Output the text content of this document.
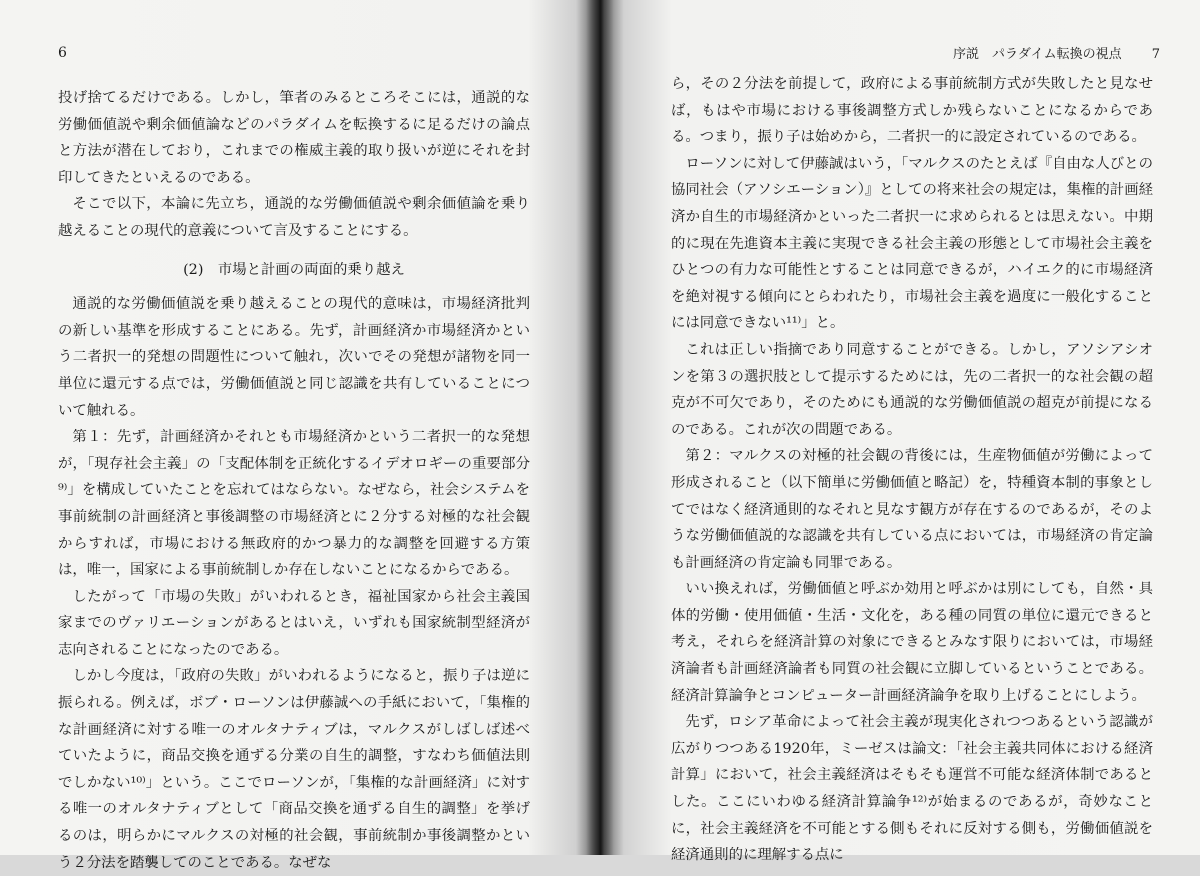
6

投げ捨てるだけである。しかし，筆者のみるところそこには，通説的な労働価値説や剰余価値論などのパラダイムを転換するに足るだけの論点と方法が潜在しており，これまでの権威主義的取り扱いが逆にそれを封印してきたといえるのである。

そこで以下，本論に先立ち，通説的な労働価値説や剰余価値論を乗り越えることの現代的意義について言及することにする。

(2)　市場と計画の両面的乗り越え

通説的な労働価値説を乗り越えることの現代的意味は，市場経済批判の新しい基準を形成することにある。先ず，計画経済か市場経済かという二者択一的発想の問題性について触れ，次いでその発想が諸物を同一単位に還元する点では，労働価値説と同じ認識を共有していることについて触れる。

第１：先ず，計画経済かそれとも市場経済かという二者択一的な発想が，「現存社会主義」の「支配体制を正統化するイデオロギーの重要部分⁹⁾」を構成していたことを忘れてはならない。なぜなら，社会システムを事前統制の計画経済と事後調整の市場経済とに２分する対極的な社会観からすれば，市場における無政府的かつ暴力的な調整を回避する方策は，唯一，国家による事前統制しか存在しないことになるからである。

したがって「市場の失敗」がいわれるとき，福祉国家から社会主義国家までのヴァリエーションがあるとはいえ，いずれも国家統制型経済が志向されることになったのである。

しかし今度は，「政府の失敗」がいわれるようになると，振り子は逆に振られる。例えば，ボブ・ローソンは伊藤誠への手紙において，「集権的な計画経済に対する唯一のオルタナティブは，マルクスがしばしば述べていたように，商品交換を通ずる分業の自生的調整，すなわち価値法則でしかない¹⁰⁾」という。ここでローソンが，「集権的な計画経済」に対する唯一のオルタナティブとして「商品交換を通ずる自生的調整」を挙げるのは，明らかにマルクスの対極的社会観，事前統制か事後調整かという２分法を踏襲してのことである。なぜな

序説　パラダイム転換の視点 7

ら，その２分法を前提して，政府による事前統制方式が失敗したと見なせば，もはや市場における事後調整方式しか残らないことになるからである。つまり，振り子は始めから，二者択一的に設定されているのである。

ローソンに対して伊藤誠はいう，「マルクスのたとえば『自由な人びとの協同社会（アソシエーション）』としての将来社会の規定は，集権的計画経済か自生的市場経済かといった二者択一に求められるとは思えない。中期的に現在先進資本主義に実現できる社会主義の形態として市場社会主義をひとつの有力な可能性とすることは同意できるが，ハイエク的に市場経済を絶対視する傾向にとらわれたり，市場社会主義を過度に一般化することには同意できない¹¹⁾」と。

これは正しい指摘であり同意することができる。しかし，アソシアシオンを第３の選択肢として提示するためには，先の二者択一的な社会観の超克が不可欠であり，そのためにも通説的な労働価値説の超克が前提になるのである。これが次の問題である。

第２：マルクスの対極的社会観の背後には，生産物価値が労働によって形成されること（以下簡単に労働価値と略記）を，特種資本制的事象としてではなく経済通則的なそれと見なす観方が存在するのであるが，そのような労働価値説的な認識を共有している点においては，市場経済の肯定論も計画経済の肯定論も同罪である。

いい換えれば，労働価値と呼ぶか効用と呼ぶかは別にしても，自然・具体的労働・使用価値・生活・文化を，ある種の同質の単位に還元できると考え，それらを経済計算の対象にできるとみなす限りにおいては，市場経済論者も計画経済論者も同質の社会観に立脚しているということである。経済計算論争とコンピューター計画経済論争を取り上げることにしよう。

先ず，ロシア革命によって社会主義が現実化されつつあるという認識が広がりつつある1920年，ミーゼスは論文：「社会主義共同体における経済計算」において，社会主義経済はそもそも運営不可能な経済体制であるとした。ここにいわゆる経済計算論争¹²⁾が始まるのであるが，奇妙なことに，社会主義経済を不可能とする側もそれに反対する側も，労働価値説を経済通則的に理解する点に
